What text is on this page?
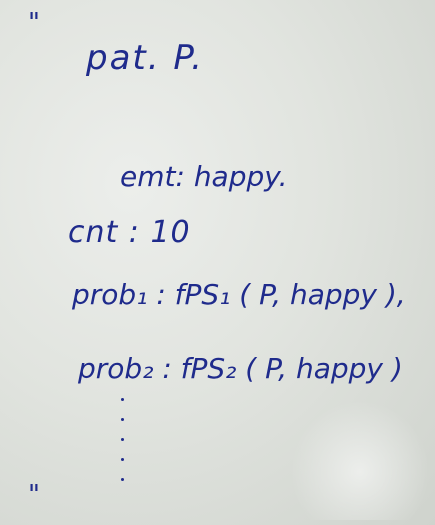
"
pat. P.
emt: happy.
cnt : 10
prob₁ : fPS₁ ( P, happy ),
prob₂ : fPS₂ ( P, happy )
"
